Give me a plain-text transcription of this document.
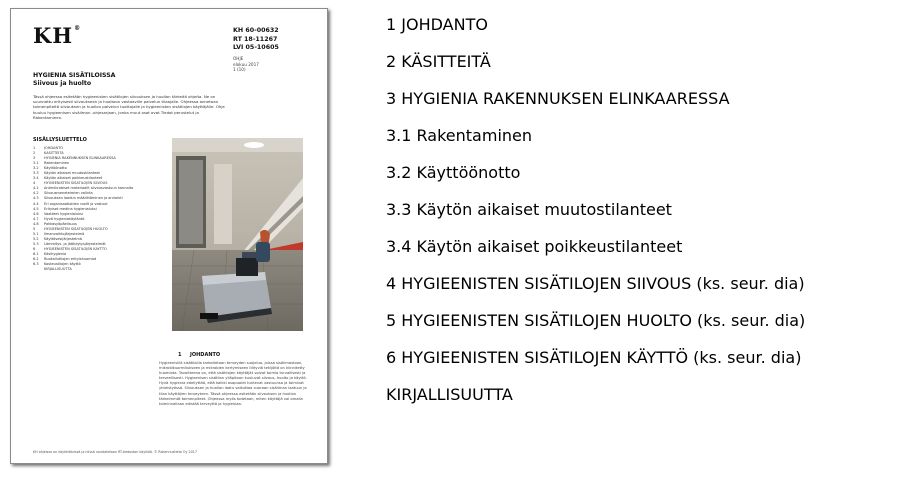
KH®	KH 60-00632
RT 18-11267
LVI 05-10605
OHJE
elokuu 2017
1 (10)
HYGIENIA SISÄTILOISSA
Siivous ja huolto
Tässä ohjeessa esitetään hygieenisten sisätilojen siivouksen ja huollon tärkeitä ohjeita. Ne on suunnattu erityisesti siivoukseen ja huoltoon vastaaville palvelun tilaajalle. Ohjeessa annetaan toimenpiteitä siivouksen ja huollon palvelun tuottajalle ja hygieenisten sisätilojen käyttäjälle. Ohje kuuluu hygieenisen sisäilman -ohjesarjaan, jonka muut osat ovat Tiedot perustelut ja Rakentaminen.
SISÄLLYSLUETTELO
1	JOHDANTO
2	KÄSITTEITÄ
3	HYGIENIA RAKENNUKSEN ELINKAARESSA
3.1 Rakentaminen
3.2 Käyttöönotto
3.3 Käytön aikaiset muutostilanteet
3.4 Käytön aikaiset poikkeustilanteet
4	HYGIEENISTEN SISÄTILOJEN SIIVOUS
4.1 Antimikrobiset materiaalit siivousvastuun kannalta
4.2 Siivousmenetelmien valinta
4.3 Siivouksen laadun määrittäminen ja arviointi
4.4 Eri organisaatioiden roolit ja vastuut
4.5 Erityiset medina hygienialuksi
4.6 Vaatteet hygienialuksi
4.7 Hyvä hygieniakäytäntö
4.8 Pakkasyöpäelisuus
5	HYGIEENISTEN SISÄTILOJEN HUOLTO
5.1 Ilmanvaihtojärjestelmä
5.2 Käyttövesijärjestelmä
5.3 Lämmitys- ja jäähdytysjärjestelmät
6	HYGIEENISTEN SISÄTILOJEN KÄYTTÖ
6.1 Käsihygienia
6.2 Ruokailutilojen erityishuomiot
6.3 Kosteustilojen käyttö
KIRJALLISUUTTA
1 JOHDANTO
Hygieenisillä sisätiloilla tarkoitetaan terveyden suojelua, joissa sisäilmastoon, mikrobikuormitukseen ja mikrobien kertymiseen liittyviä tekijöitä on kiinnitetty huomiota. Tavoitteena on, että sisätilojen käyttäjät voivat toimia turvallisesti ja terveellisesti. Hygieenisen sisätilan ylläpitoon kuuluvat siivous, huolto ja käyttö. Hyvä hygienia edellyttää, että kaikki osapuolet tuntevat vastuunsa ja toimivat yhteistyössä. Siivouksen ja huollon laatu vaikuttaa suoraan sisäilman laatuun ja tilan käyttäjien terveyteen. Tässä ohjeessa esitetään siivouksen ja huollon tärkeimmät toimenpiteet. Ohjeessa myös todetaan, miten käyttäjä voi omalla toiminnallaan edistää terveyttä ja hygieniaa.
KH ohjeissa on käytettävissä ja niissä noudatetaan RT-tiedoston käyttöä. © Rakennustieto Oy 2017
1 JOHDANTO
2 KÄSITTEITÄ
3 HYGIENIA RAKENNUKSEN ELINKAARESSA
3.1 Rakentaminen
3.2 Käyttöönotto
3.3 Käytön aikaiset muutostilanteet
3.4 Käytön aikaiset poikkeustilanteet
4 HYGIEENISTEN SISÄTILOJEN SIIVOUS (ks. seur. dia)
5 HYGIEENISTEN SISÄTILOJEN HUOLTO (ks. seur. dia)
6 HYGIEENISTEN SISÄTILOJEN KÄYTTÖ (ks. seur. dia)
KIRJALLISUUTTA
